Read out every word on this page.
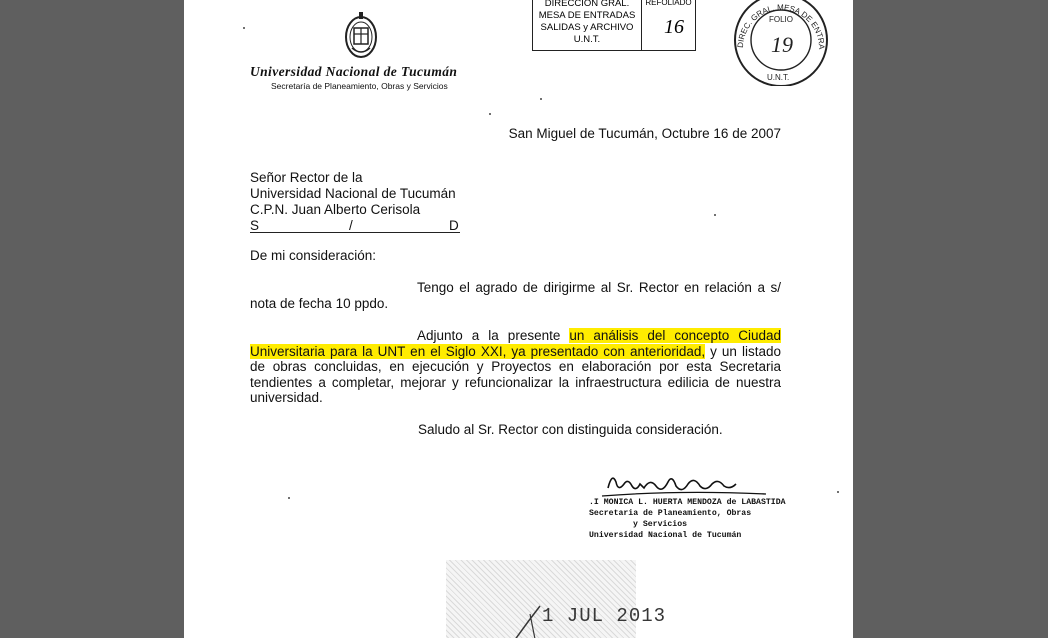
Universidad Nacional de Tucumán
Secretaría de Planeamiento, Obras y Servicios
DIRECCION GRAL.
MESA DE ENTRADAS
SALIDAS y ARCHIVO
U.N.T.
REFOLIADO
16
DIREC. GRAL. MESA DE ENTRA
FOLIO
19
U.N.T.
San Miguel de Tucumán, Octubre 16 de 2007
Señor Rector de la
Universidad Nacional de Tucumán
C.P.N. Juan Alberto Cerisola
S	/	D
De mi consideración:
Tengo el agrado de dirigirme al Sr. Rector en relación a s/ nota de fecha 10 ppdo.
Adjunto a la presente un análisis del concepto Ciudad Universitaria para la UNT en el Siglo XXI, ya presentado con anterioridad, y un listado de obras concluidas, en ejecución y Proyectos en elaboración por esta Secretaria tendientes a completar, mejorar y refuncionalizar la infraestructura edilicia de nuestra universidad.
Saludo al Sr. Rector con distinguida consideración.
.I MONICA L. HUERTA MENDOZA de LABASTIDA
Secretaria de Planeamiento, Obras
y Servicios
Universidad Nacional de Tucumán
1 JUL 2013
